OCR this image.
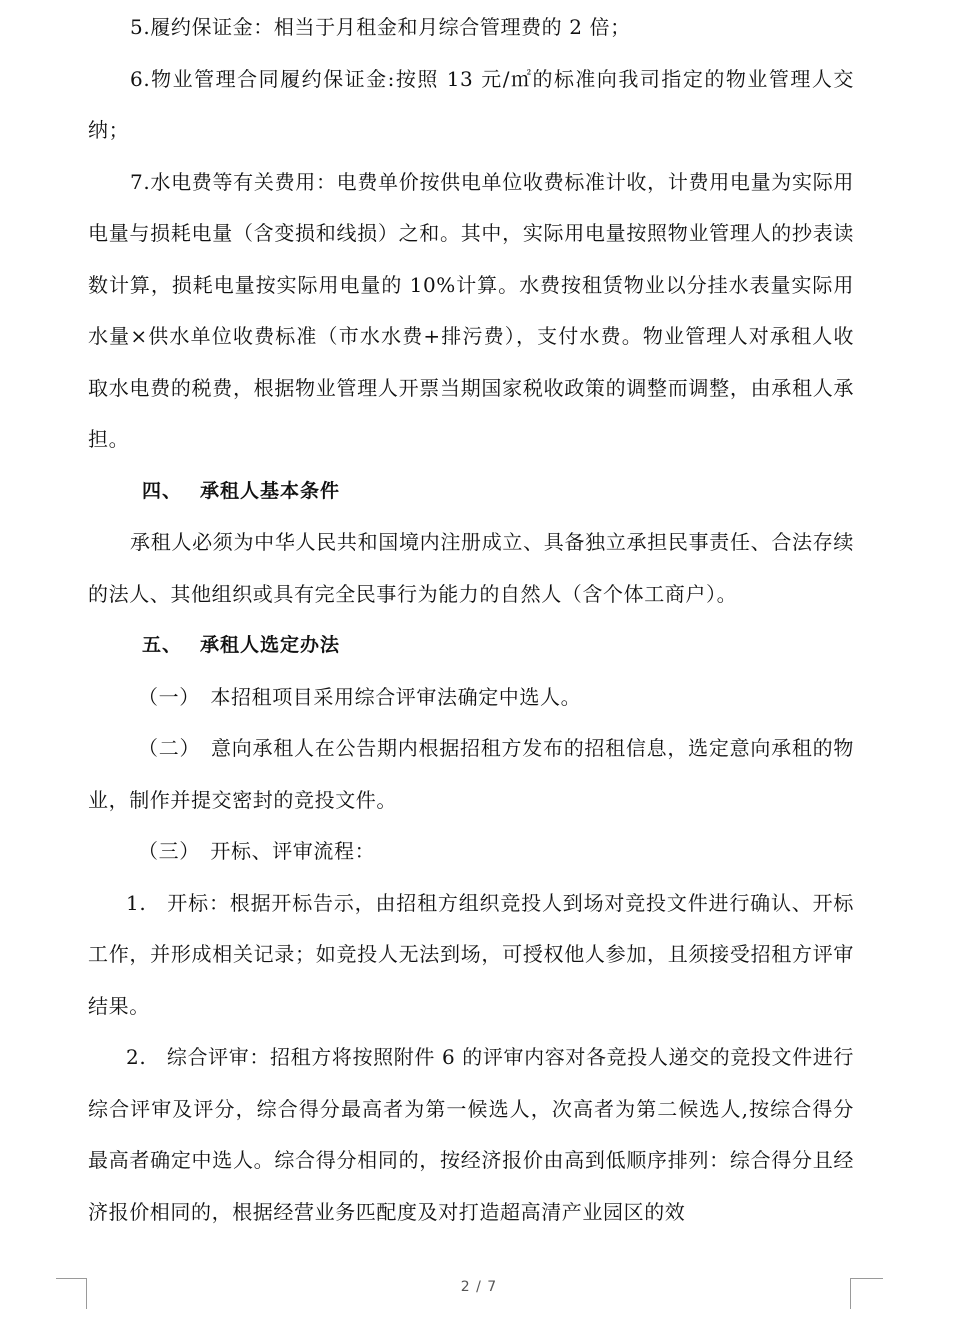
5.履约保证金：相当于月租金和月综合管理费的 2 倍；

6.物业管理合同履约保证金:按照 13 元/㎡的标准向我司指定的物业管理人交纳；

7.水电费等有关费用：电费单价按供电单位收费标准计收，计费用电量为实际用电量与损耗电量（含变损和线损）之和。其中，实际用电量按照物业管理人的抄表读数计算，损耗电量按实际用电量的 10%计算。水费按租赁物业以分挂水表量实际用水量×供水单位收费标准（市水水费+排污费），支付水费。物业管理人对承租人收取水电费的税费，根据物业管理人开票当期国家税收政策的调整而调整，由承租人承担。

四、 承租人基本条件

承租人必须为中华人民共和国境内注册成立、具备独立承担民事责任、合法存续的法人、其他组织或具有完全民事行为能力的自然人（含个体工商户）。

五、 承租人选定办法

（一）　本招租项目采用综合评审法确定中选人。

（二）　意向承租人在公告期内根据招租方发布的招租信息，选定意向承租的物业，制作并提交密封的竞投文件。

（三）　开标、评审流程：

1.　开标：根据开标告示，由招租方组织竞投人到场对竞投文件进行确认、开标工作，并形成相关记录；如竞投人无法到场，可授权他人参加，且须接受招租方评审结果。

2.　综合评审：招租方将按照附件 6 的评审内容对各竞投人递交的竞投文件进行综合评审及评分，综合得分最高者为第一候选人，次高者为第二候选人,按综合得分最高者确定中选人。综合得分相同的，按经济报价由高到低顺序排列：综合得分且经济报价相同的，根据经营业务匹配度及对打造超高清产业园区的效

2 / 7
